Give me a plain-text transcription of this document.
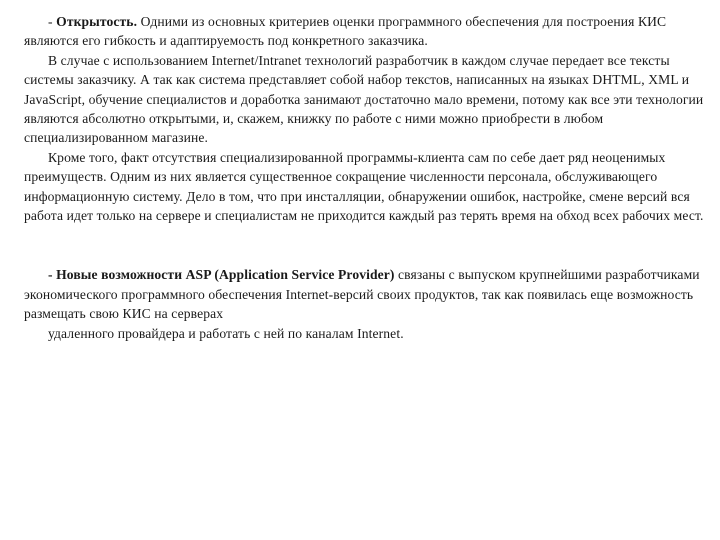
- Открытость. Одними из основных критериев оценки программного обеспечения для построения КИС являются его гибкость и адаптируемость под конкретного заказчика.

В случае с использованием Internet/Intranet технологий разработчик в каждом случае передает все тексты системы заказчику. А так как система представляет собой набор текстов, написанных на языках DHTML, XML и JavaScript, обучение специалистов и доработка занимают достаточно мало времени, потому как все эти технологии являются абсолютно открытыми, и, скажем, книжку по работе с ними можно приобрести в любом специализированном магазине.

Кроме того, факт отсутствия специализированной программы-клиента сам по себе дает ряд неоценимых преимуществ. Одним из них является существенное сокращение численности персонала, обслуживающего информационную систему. Дело в том, что при инсталляции, обнаружении ошибок, настройке, смене версий вся работа идет только на сервере и специалистам не приходится каждый раз терять время на обход всех рабочих мест.

- Новые возможности ASP (Application Service Provider) связаны с выпуском крупнейшими разработчиками экономического программного обеспечения Internet-версий своих продуктов, так как появилась еще возможность размещать свою КИС на серверах

удаленного провайдера и работать с ней по каналам Internet.
